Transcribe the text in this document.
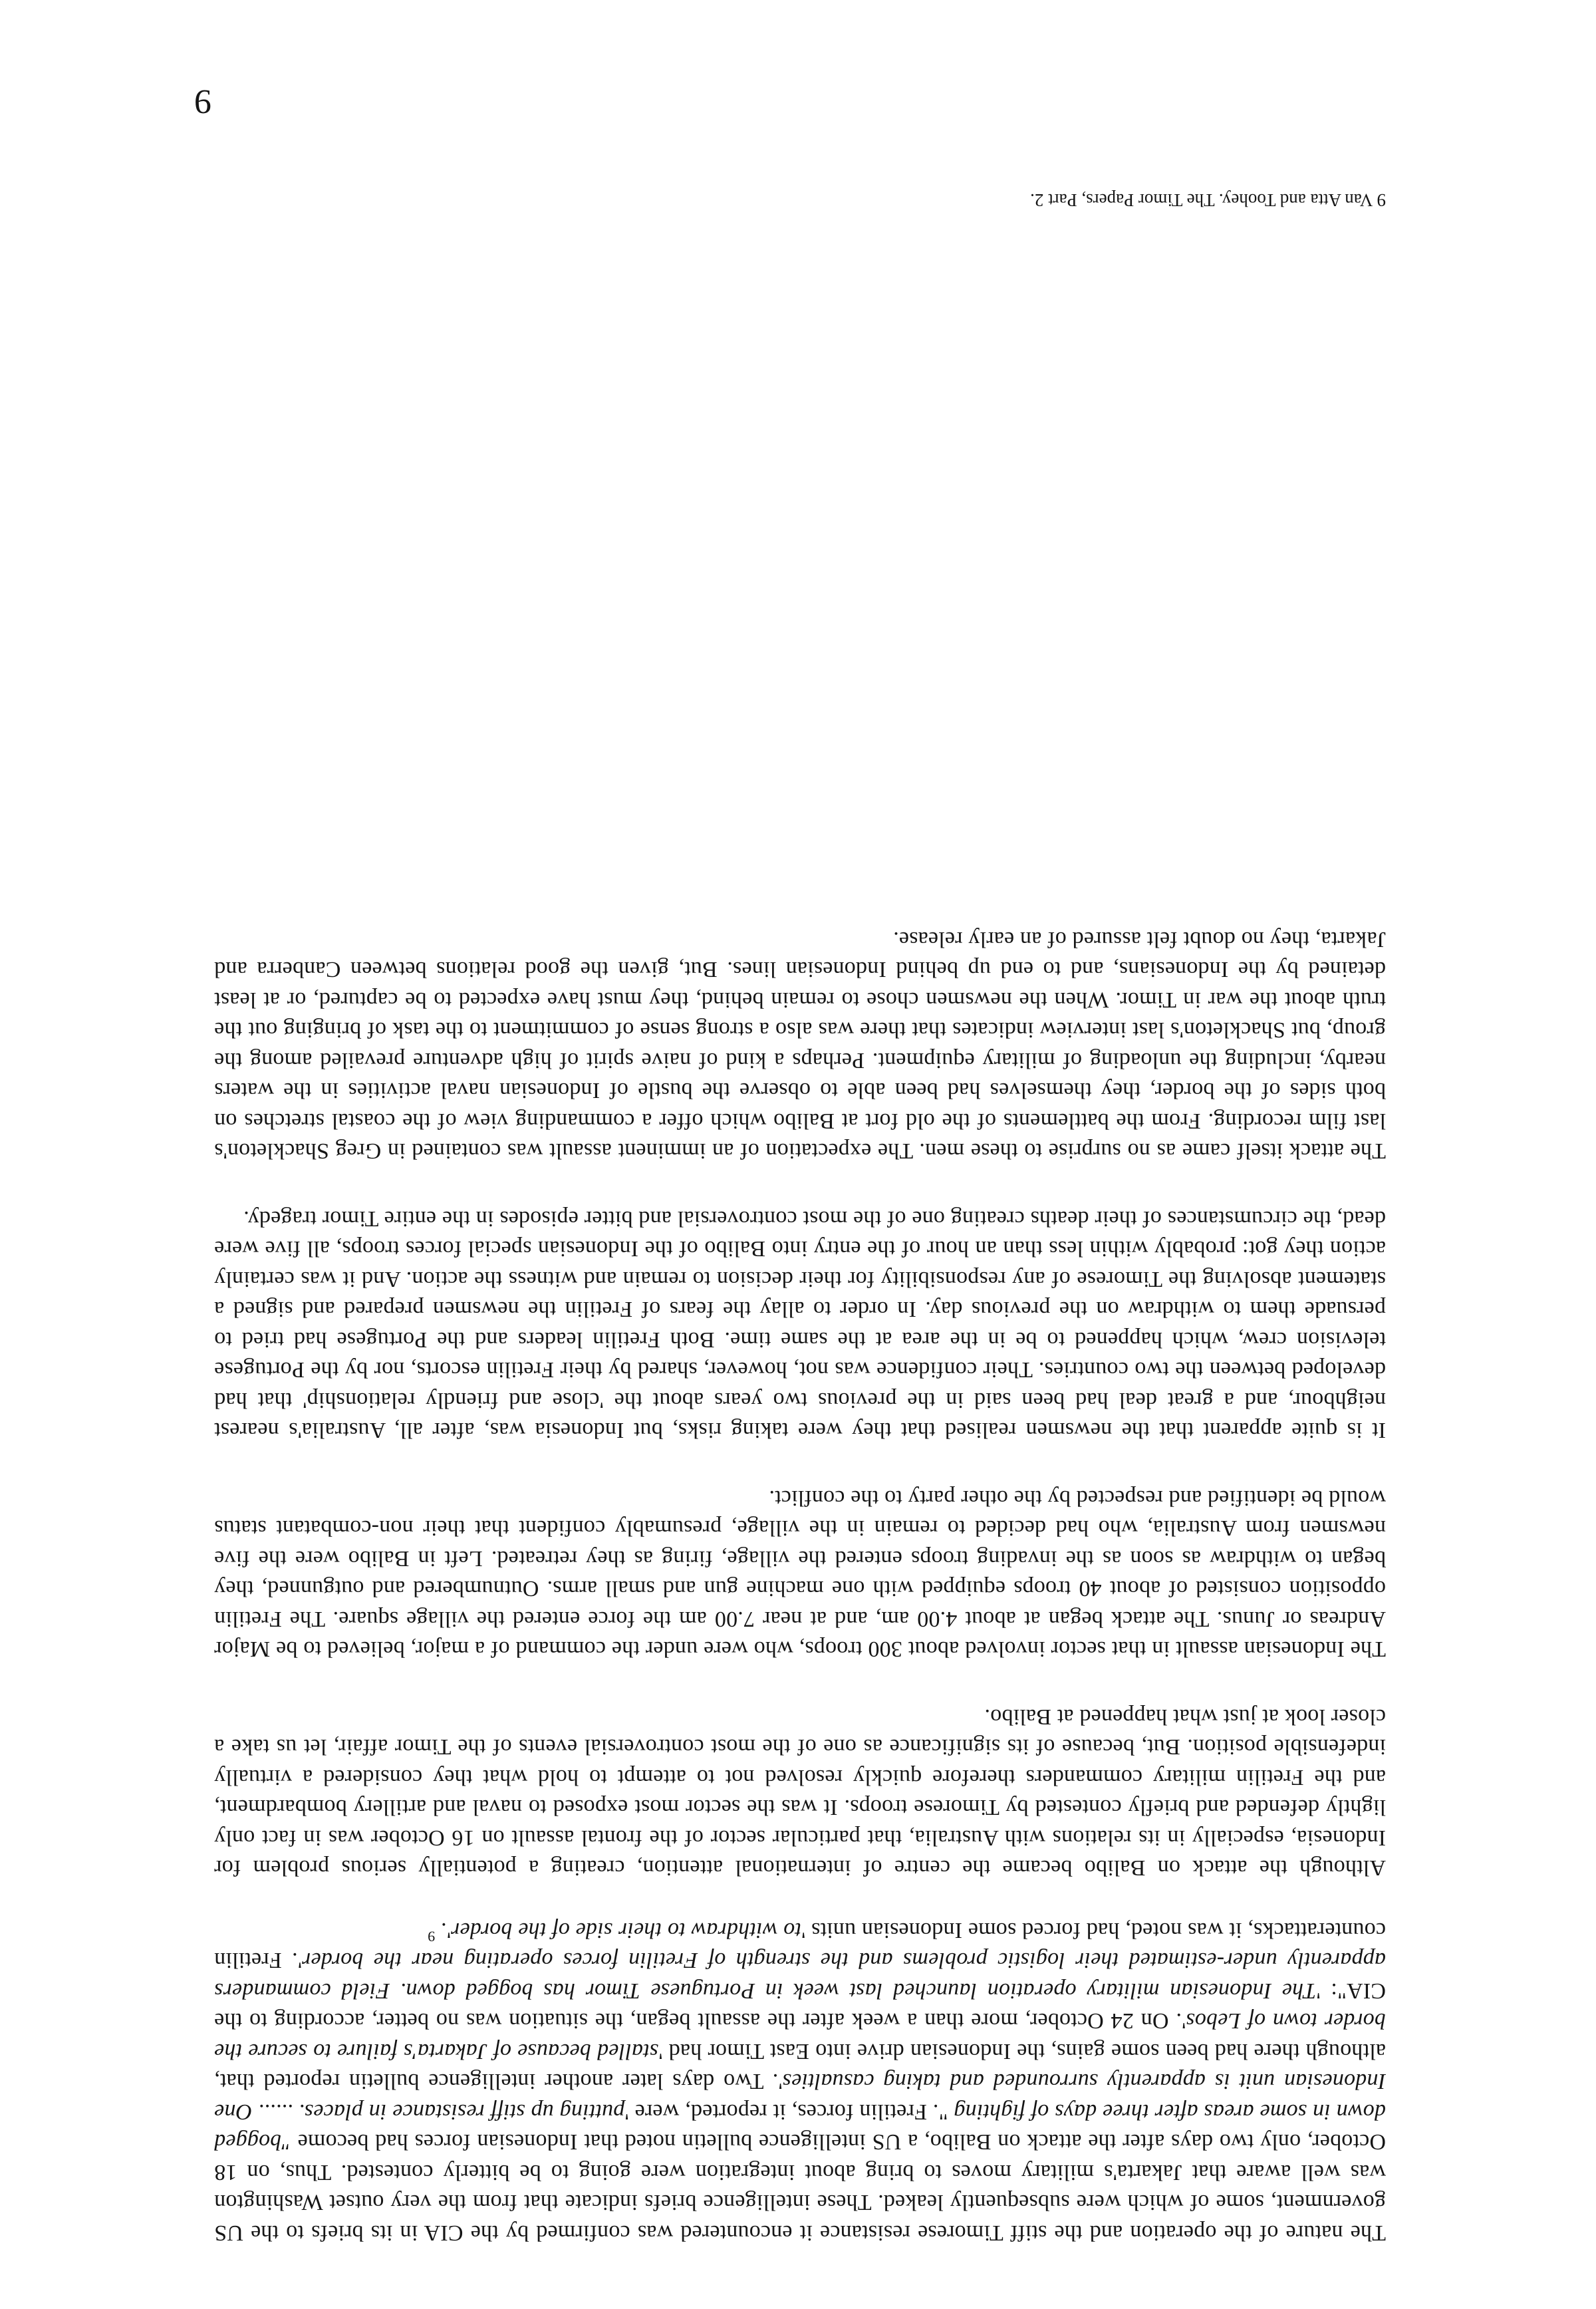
The nature of the operation and the stiff Timorese resistance it encountered was confirmed by the CIA in its briefs to the US government, some of which were subsequently leaked. These intelligence briefs indicate that from the very outset Washington was well aware that Jakarta's military moves to bring about integration were going to be bitterly contested. Thus, on 18 October, only two days after the attack on Balibo, a US intelligence bulletin noted that Indonesian forces had become "bogged down in some areas after three days of fighting ". Fretilin forces, it reported, were 'putting up stiff resistance in places. ...... One Indonesian unit is apparently surrounded and taking casualties'. Two days later another intelligence bulletin reported that, although there had been some gains, the Indonesian drive into East Timor had 'stalled because of Jakarta's failure to secure the border town of Lebos'. On 24 October, more than a week after the assault began, the situation was no better, according to the CIA": 'The Indonesian military operation launched last week in Portuguese Timor has bogged down. Field commanders apparently under-estimated their logistic problems and the strength of Fretilin forces operating near the border'. Fretilin counterattacks, it was noted, had forced some Indonesian units 'to withdraw to their side of the border'. $^9$

Although the attack on Balibo became the centre of international attention, creating a potentially serious problem for Indonesia, especially in its relations with Australia, that particular sector of the frontal assault on 16 October was in fact only lightly defended and briefly contested by Timorese troops. It was the sector most exposed to naval and artillery bombardment, and the Fretilin military commanders therefore quickly resolved not to attempt to hold what they considered a virtually indefensible position. But, because of its significance as one of the most controversial events of the Timor affair, let us take a closer look at just what happened at Balibo.

The Indonesian assault in that sector involved about 300 troops, who were under the command of a major, believed to be Major Andreas or Junus. The attack began at about 4.00 am, and at near 7.00 am the force entered the village square. The Fretilin opposition consisted of about 40 troops equipped with one machine gun and small arms. Outnumbered and outgunned, they began to withdraw as soon as the invading troops entered the village, firing as they retreated. Left in Balibo were the five newsmen from Australia, who had decided to remain in the village, presumably confident that their non-combatant status would be identified and respected by the other party to the conflict.

It is quite apparent that the newsmen realised that they were taking risks, but Indonesia was, after all, Australia's nearest neighbour, and a great deal had been said in the previous two years about the 'close and friendly relationship' that had developed between the two countries. Their confidence was not, however, shared by their Fretilin escorts, nor by the Portugese television crew, which happened to be in the area at the same time. Both Fretilin leaders and the Portugese had tried to persuade them to withdraw on the previous day. In order to allay the fears of Fretilin the newsmen prepared and signed a statement absolving the Timorese of any responsibility for their decision to remain and witness the action. And it was certainly action they got: probably within less than an hour of the entry into Balibo of the Indonesian special forces troops, all five were dead, the circumstances of their deaths creating one of the most controversial and bitter episodes in the entire Timor tragedy.

The attack itself came as no surprise to these men. The expectation of an imminent assault was contained in Greg Shackleton's last film recording. From the battlements of the old fort at Balibo which offer a commanding view of the coastal stretches on both sides of the border, they themselves had been able to observe the bustle of Indonesian naval activities in the waters nearby, including the unloading of military equipment. Perhaps a kind of naive spirit of high adventure prevailed among the group, but Shackleton's last interview indicates that there was also a strong sense of commitment to the task of bringing out the truth about the war in Timor. When the newsmen chose to remain behind, they must have expected to be captured, or at least detained by the Indonesians, and to end up behind Indonesian lines. But, given the good relations between Canberra and Jakarta, they no doubt felt assured of an early release.

9 Van Atta and Toohey. The Timor Papers, Part 2.
9
